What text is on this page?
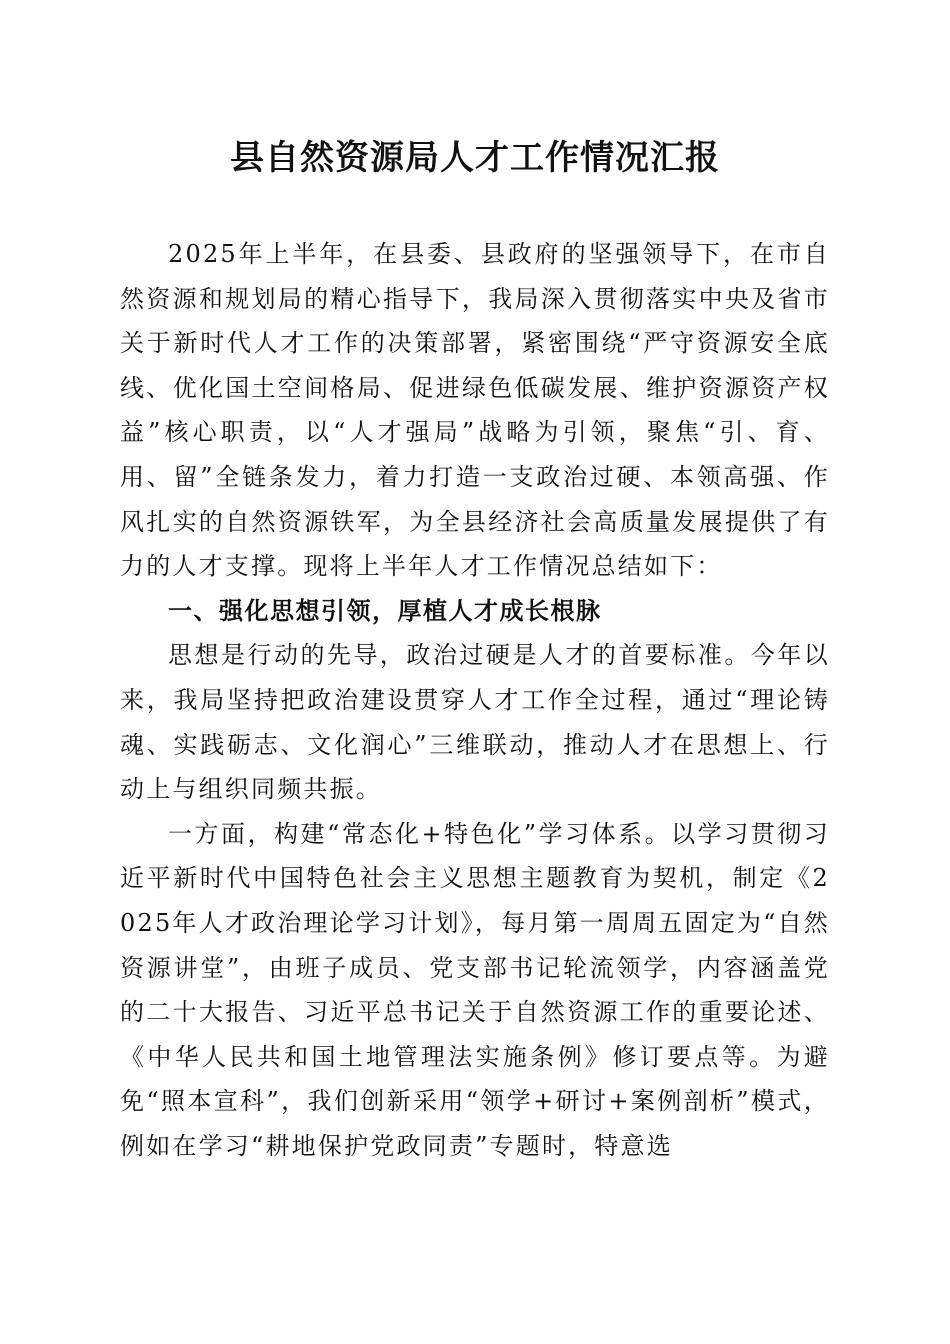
县自然资源局人才工作情况汇报

2025年上半年，在县委、县政府的坚强领导下，在市自然资源和规划局的精心指导下，我局深入贯彻落实中央及省市关于新时代人才工作的决策部署，紧密围绕“严守资源安全底线、优化国土空间格局、促进绿色低碳发展、维护资源资产权益”核心职责，以“人才强局”战略为引领，聚焦“引、育、用、留”全链条发力，着力打造一支政治过硬、本领高强、作风扎实的自然资源铁军，为全县经济社会高质量发展提供了有力的人才支撑。现将上半年人才工作情况总结如下：

一、强化思想引领，厚植人才成长根脉

思想是行动的先导，政治过硬是人才的首要标准。今年以来，我局坚持把政治建设贯穿人才工作全过程，通过“理论铸魂、实践砺志、文化润心”三维联动，推动人才在思想上、行动上与组织同频共振。

一方面，构建“常态化+特色化”学习体系。以学习贯彻习近平新时代中国特色社会主义思想主题教育为契机，制定《2025年人才政治理论学习计划》，每月第一周周五固定为“自然资源讲堂”，由班子成员、党支部书记轮流领学，内容涵盖党的二十大报告、习近平总书记关于自然资源工作的重要论述、《中华人民共和国土地管理法实施条例》修订要点等。为避免“照本宣科”，我们创新采用“领学+研讨+案例剖析”模式，例如在学习“耕地保护党政同责”专题时，特意选
